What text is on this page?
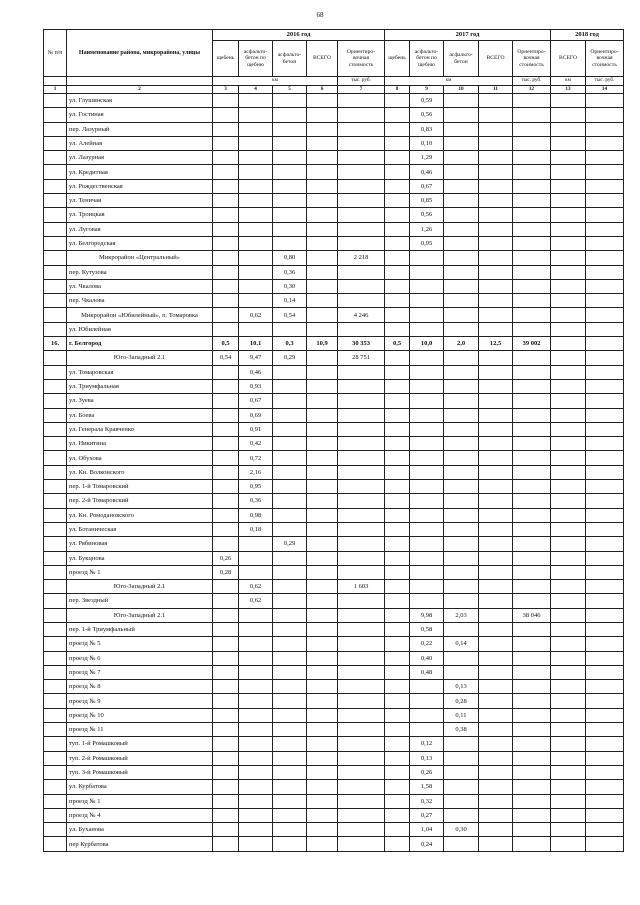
68
№ п/п	Наименование района, микрорайона, улицы	2016 год					2017 год					2018 год	
		щебень	асфальто-бетон по щебню	асфальто-бетон	ВСЕГО	Ориентиро-вочная стоимость	щебень	асфальто-бетон по щебню	асфальто-бетон	ВСЕГО	Ориентиро-вочная стоимость	ВСЕГО	Ориентиро-вочная стоимость
		км				тыс. руб.	км				тыс. руб.	км	тыс. руб.
1	2	3	4	5	6	7	8	9	10	11	12	13	14
	ул. Глушинская							0,59					
	ул. Гостиная							0,56					
	пер. Лазурный							0,83					
	ул. Алейная							0,10					
	ул. Лазурная							1,29					
	ул. Кредитная							0,46					
	ул. Рождественская							0,67					
	ул. Теничая							0,85					
	ул. Троицкая							0,56					
	ул. Луговая							1,26					
	ул. Белгородская							0,95					
	Микрорайон «Центральный»			0,80		2 218							
	пер. Кутузова			0,36									
	ул. Чкалова			0,30									
	пер. Чкалова			0,14									
	Микрорайон «Юбилейный», п. Томаровка		0,62	0,54		4 246							
	ул. Юбилейная												
16.	г. Белгород	0,5	10,1	0,3	10,9	30 353	0,5	10,0	2,0	12,5	39 002		
	Юго-Западный 2.1	0,54	9,47	0,29		28 751							
	ул. Томаровская		0,46										
	ул. Триумфальная		0,93										
	ул. Зуева		0,67										
	ул. Боева		0,69										
	ул. Генерала Кравченко		0,91										
	ул. Никитина		0,42										
	ул. Обухова		0,72										
	ул. Кн. Волконского		2,16										
	пер. 1-й Томаровский		0,95										
	пер. 2-й Томаровский		0,36										
	ул. Кн. Ромодановского		0,98										
	ул. Ботаническая		0,18										
	ул. Рябиновая			0,29									
	ул. Букцнова	0,26											
	проезд № 1	0,28											
	Юго-Западный 2.1		0,62			1 603							
	пер. Звездный		0,62										
	Юго-Западный 2.1							9,98	2,03		38 046		
	пер. 1-й Триумфальный							0,58					
	проезд № 5							0,22	0,14				
	проезд № 6							0,40					
	проезд № 7							0,48					
	проезд № 8								0,13				
	проезд № 9								0,28				
	проезд № 10								0,11				
	проезд № 11								0,38				
	туп. 1-й Ромашковый							0,12					
	туп. 2-й Ромашковый							0,13					
	туп. 3-й Ромашковый							0,26					
	ул. Курбатова							1,58					
	проезд № 1							0,32					
	проезд № 4							0,27					
	ул. Буханова							1,04	0,30				
	пер Курбатова							0,24					
